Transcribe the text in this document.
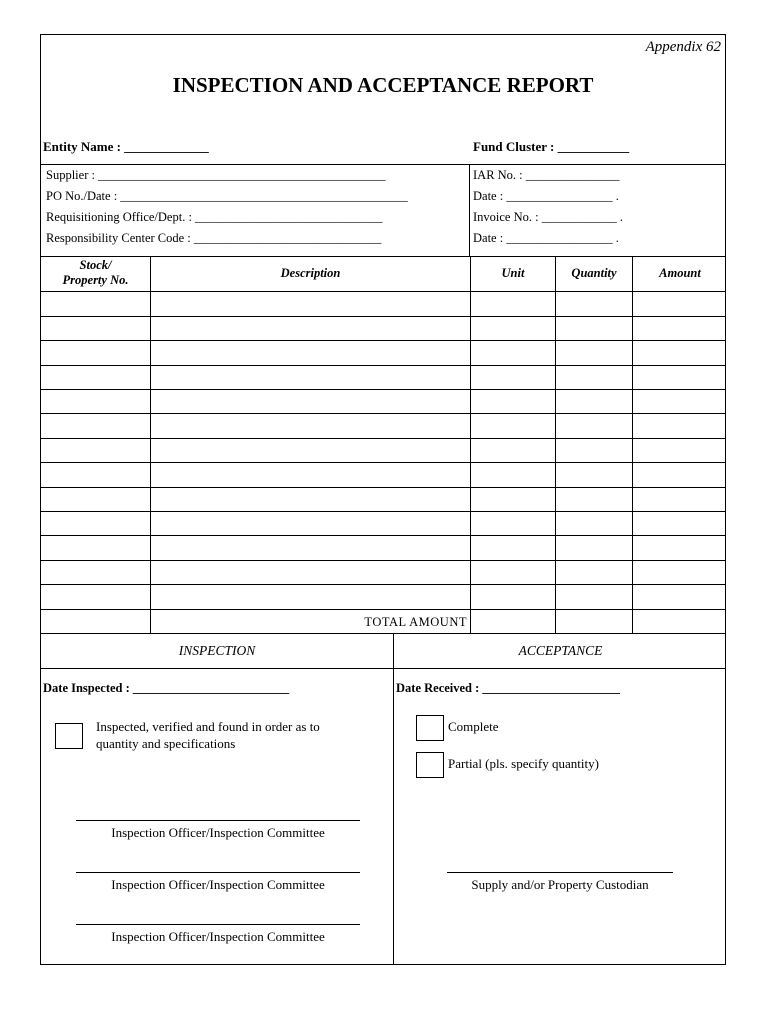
Appendix 62
INSPECTION AND ACCEPTANCE REPORT
Entity Name : _____________	Fund Cluster : ___________
Supplier : ______________________________________________
PO No./Date : ______________________________________________
Requisitioning Office/Dept. : ______________________________
Responsibility Center Code : ______________________________
IAR No. : _______________
Date : _________________ .
Invoice No. : ____________ .
Date : _________________ .
Stock/
Property No.	Description	Unit	Quantity	Amount
TOTAL AMOUNT
INSPECTION	ACCEPTANCE
Date Inspected : _________________________	Date Received : ______________________
Inspected, verified and found in order as to
quantity and specifications
Complete
Partial (pls. specify quantity)
Inspection Officer/Inspection Committee
Inspection Officer/Inspection Committee
Inspection Officer/Inspection Committee
Supply and/or Property Custodian
